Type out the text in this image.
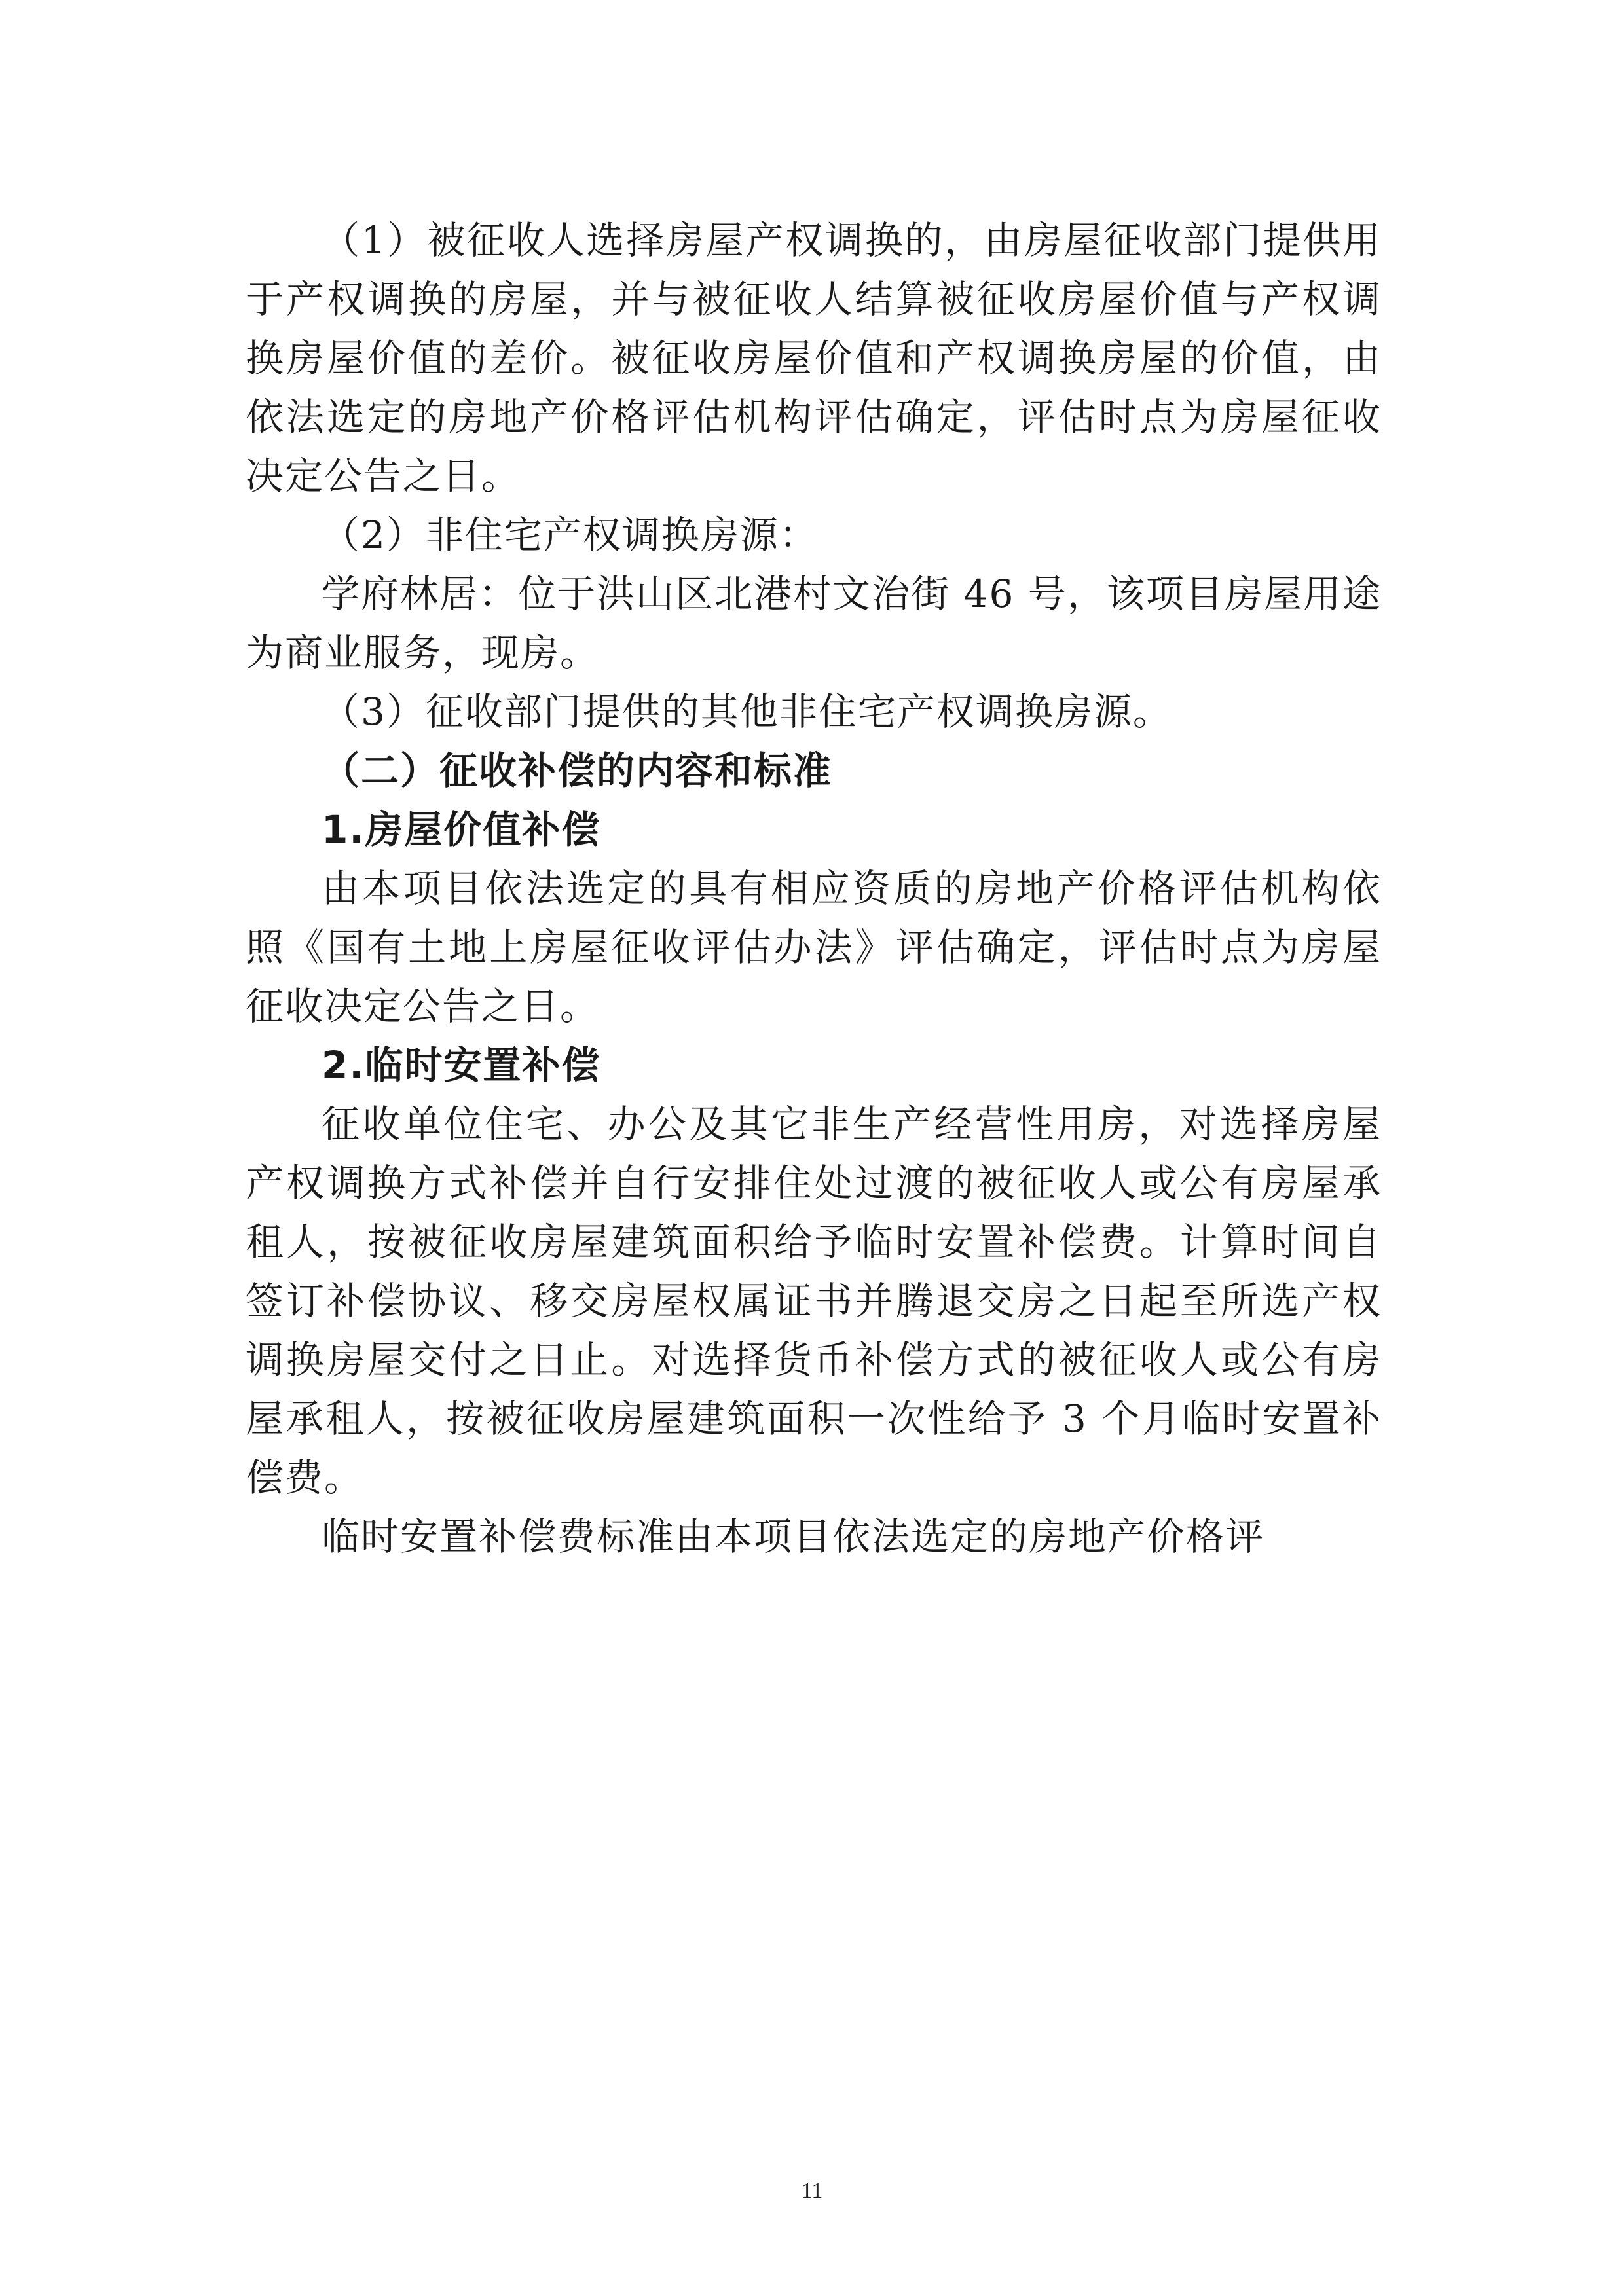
（1）被征收人选择房屋产权调换的，由房屋征收部门提供用于产权调换的房屋，并与被征收人结算被征收房屋价值与产权调换房屋价值的差价。被征收房屋价值和产权调换房屋的价值，由依法选定的房地产价格评估机构评估确定，评估时点为房屋征收决定公告之日。

（2）非住宅产权调换房源：

学府林居：位于洪山区北港村文治街 46 号，该项目房屋用途为商业服务，现房。

（3）征收部门提供的其他非住宅产权调换房源。

（二）征收补偿的内容和标准

1.房屋价值补偿

由本项目依法选定的具有相应资质的房地产价格评估机构依照《国有土地上房屋征收评估办法》评估确定，评估时点为房屋征收决定公告之日。

2.临时安置补偿

征收单位住宅、办公及其它非生产经营性用房，对选择房屋产权调换方式补偿并自行安排住处过渡的被征收人或公有房屋承租人，按被征收房屋建筑面积给予临时安置补偿费。计算时间自签订补偿协议、移交房屋权属证书并腾退交房之日起至所选产权调换房屋交付之日止。对选择货币补偿方式的被征收人或公有房屋承租人，按被征收房屋建筑面积一次性给予 3 个月临时安置补偿费。

临时安置补偿费标准由本项目依法选定的房地产价格评

11
